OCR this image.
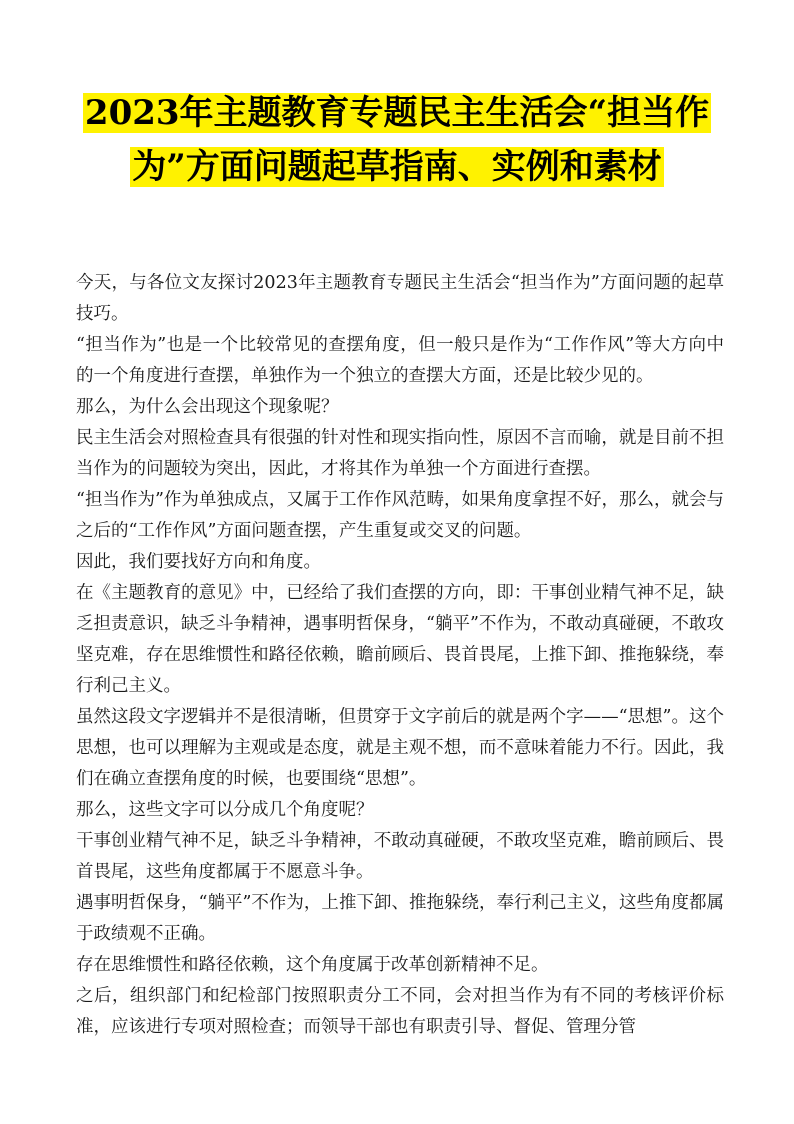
2023年主题教育专题民主生活会“担当作
为”方面问题起草指南、实例和素材

今天，与各位文友探讨2023年主题教育专题民主生活会“担当作为”方面问题的起草技巧。

“担当作为”也是一个比较常见的查摆角度，但一般只是作为“工作作风”等大方向中的一个角度进行查摆，单独作为一个独立的查摆大方面，还是比较少见的。

那么，为什么会出现这个现象呢？

民主生活会对照检查具有很强的针对性和现实指向性，原因不言而喻，就是目前不担当作为的问题较为突出，因此，才将其作为单独一个方面进行查摆。

“担当作为”作为单独成点，又属于工作作风范畴，如果角度拿捏不好，那么，就会与之后的“工作作风”方面问题查摆，产生重复或交叉的问题。

因此，我们要找好方向和角度。

在《主题教育的意见》中，已经给了我们查摆的方向，即：干事创业精气神不足，缺乏担责意识，缺乏斗争精神，遇事明哲保身，“躺平”不作为，不敢动真碰硬，不敢攻坚克难，存在思维惯性和路径依赖，瞻前顾后、畏首畏尾，上推下卸、推拖躲绕，奉行利己主义。

虽然这段文字逻辑并不是很清晰，但贯穿于文字前后的就是两个字——“思想”。这个思想，也可以理解为主观或是态度，就是主观不想，而不意味着能力不行。因此，我们在确立查摆角度的时候，也要围绕“思想”。

那么，这些文字可以分成几个角度呢？

干事创业精气神不足，缺乏斗争精神，不敢动真碰硬，不敢攻坚克难，瞻前顾后、畏首畏尾，这些角度都属于不愿意斗争。

遇事明哲保身，“躺平”不作为，上推下卸、推拖躲绕，奉行利己主义，这些角度都属于政绩观不正确。

存在思维惯性和路径依赖，这个角度属于改革创新精神不足。

之后，组织部门和纪检部门按照职责分工不同，会对担当作为有不同的考核评价标准，应该进行专项对照检查；而领导干部也有职责引导、督促、管理分管
